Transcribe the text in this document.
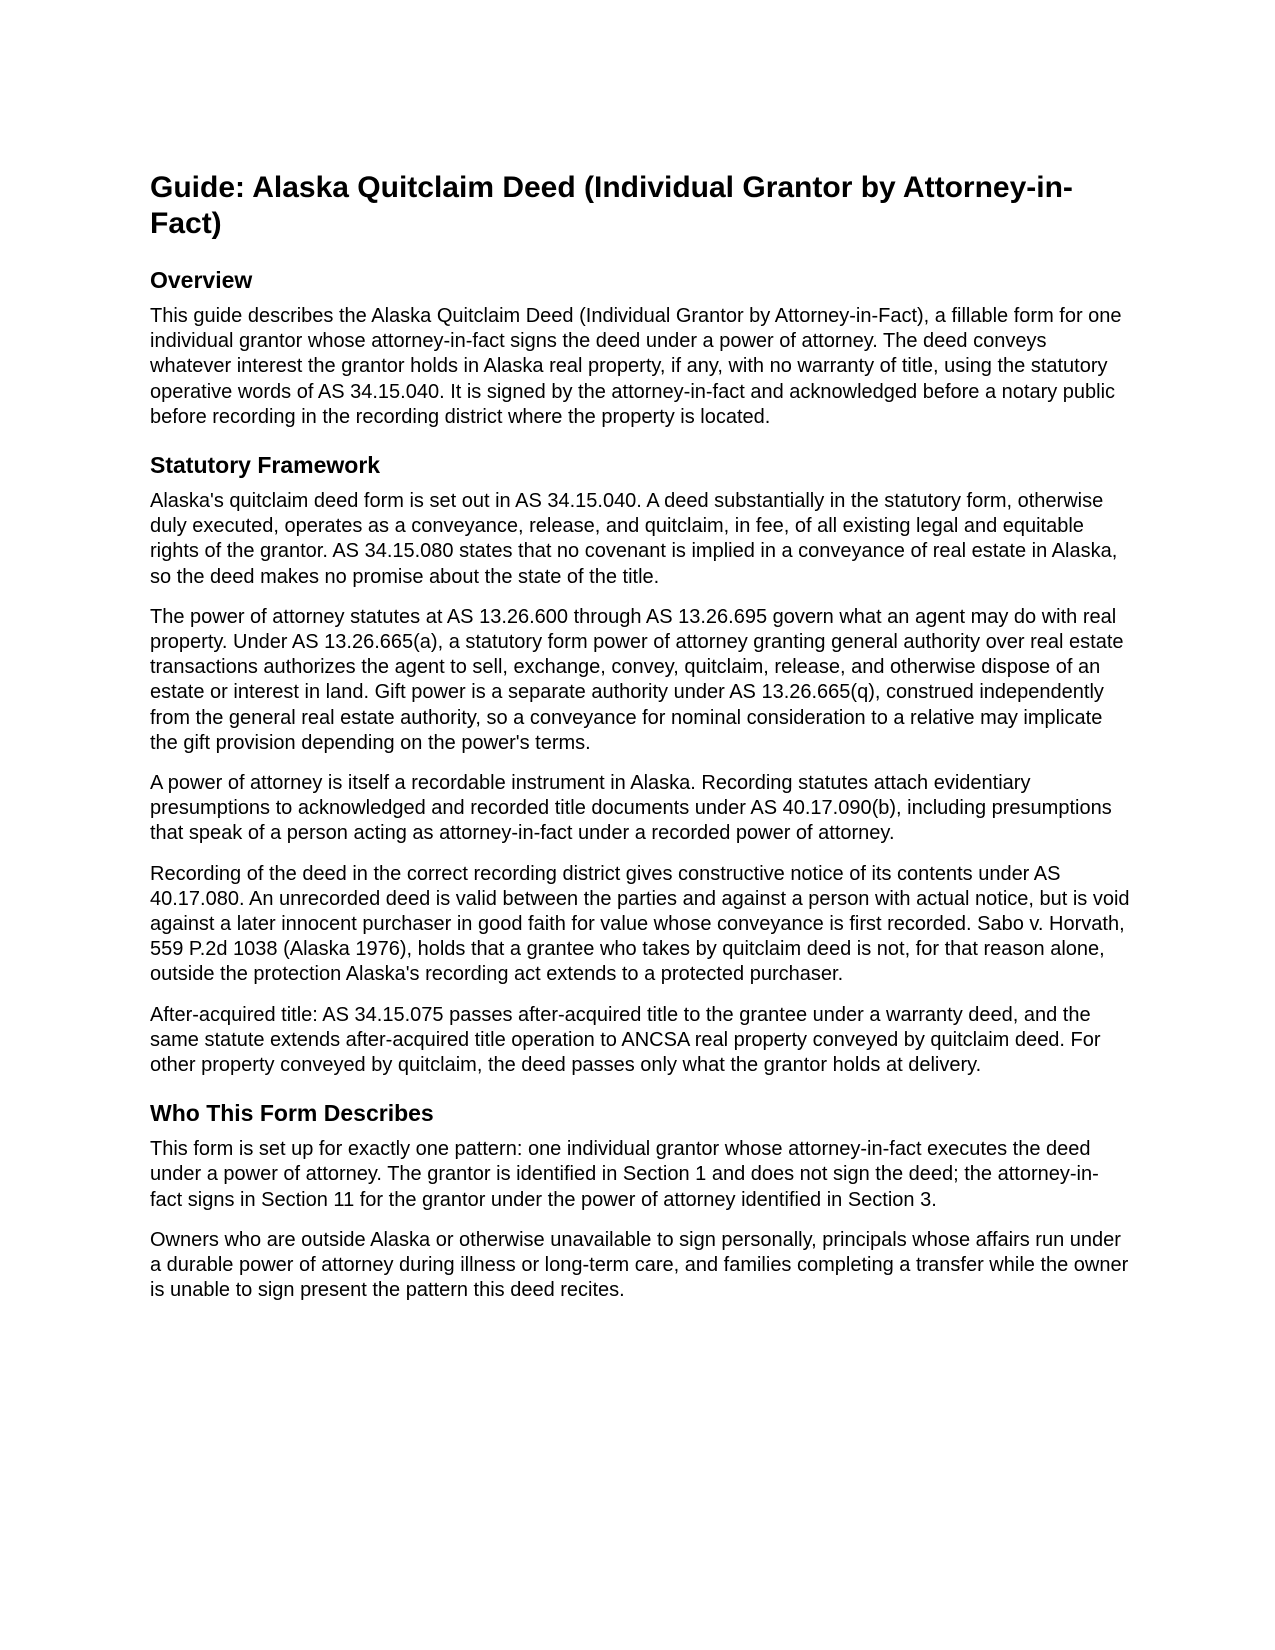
Guide: Alaska Quitclaim Deed (Individual Grantor by Attorney-in-Fact)
Overview

This guide describes the Alaska Quitclaim Deed (Individual Grantor by Attorney-in-Fact), a fillable form for one individual grantor whose attorney-in-fact signs the deed under a power of attorney. The deed conveys whatever interest the grantor holds in Alaska real property, if any, with no warranty of title, using the statutory operative words of AS 34.15.040. It is signed by the attorney-in-fact and acknowledged before a notary public before recording in the recording district where the property is located.

Statutory Framework

Alaska's quitclaim deed form is set out in AS 34.15.040. A deed substantially in the statutory form, otherwise duly executed, operates as a conveyance, release, and quitclaim, in fee, of all existing legal and equitable rights of the grantor. AS 34.15.080 states that no covenant is implied in a conveyance of real estate in Alaska, so the deed makes no promise about the state of the title.

The power of attorney statutes at AS 13.26.600 through AS 13.26.695 govern what an agent may do with real property. Under AS 13.26.665(a), a statutory form power of attorney granting general authority over real estate transactions authorizes the agent to sell, exchange, convey, quitclaim, release, and otherwise dispose of an estate or interest in land. Gift power is a separate authority under AS 13.26.665(q), construed independently from the general real estate authority, so a conveyance for nominal consideration to a relative may implicate the gift provision depending on the power's terms.

A power of attorney is itself a recordable instrument in Alaska. Recording statutes attach evidentiary presumptions to acknowledged and recorded title documents under AS 40.17.090(b), including presumptions that speak of a person acting as attorney-in-fact under a recorded power of attorney.

Recording of the deed in the correct recording district gives constructive notice of its contents under AS 40.17.080. An unrecorded deed is valid between the parties and against a person with actual notice, but is void against a later innocent purchaser in good faith for value whose conveyance is first recorded. Sabo v. Horvath, 559 P.2d 1038 (Alaska 1976), holds that a grantee who takes by quitclaim deed is not, for that reason alone, outside the protection Alaska's recording act extends to a protected purchaser.

After-acquired title: AS 34.15.075 passes after-acquired title to the grantee under a warranty deed, and the same statute extends after-acquired title operation to ANCSA real property conveyed by quitclaim deed. For other property conveyed by quitclaim, the deed passes only what the grantor holds at delivery.

Who This Form Describes

This form is set up for exactly one pattern: one individual grantor whose attorney-in-fact executes the deed under a power of attorney. The grantor is identified in Section 1 and does not sign the deed; the attorney-in-fact signs in Section 11 for the grantor under the power of attorney identified in Section 3.

Owners who are outside Alaska or otherwise unavailable to sign personally, principals whose affairs run under a durable power of attorney during illness or long-term care, and families completing a transfer while the owner is unable to sign present the pattern this deed recites.
